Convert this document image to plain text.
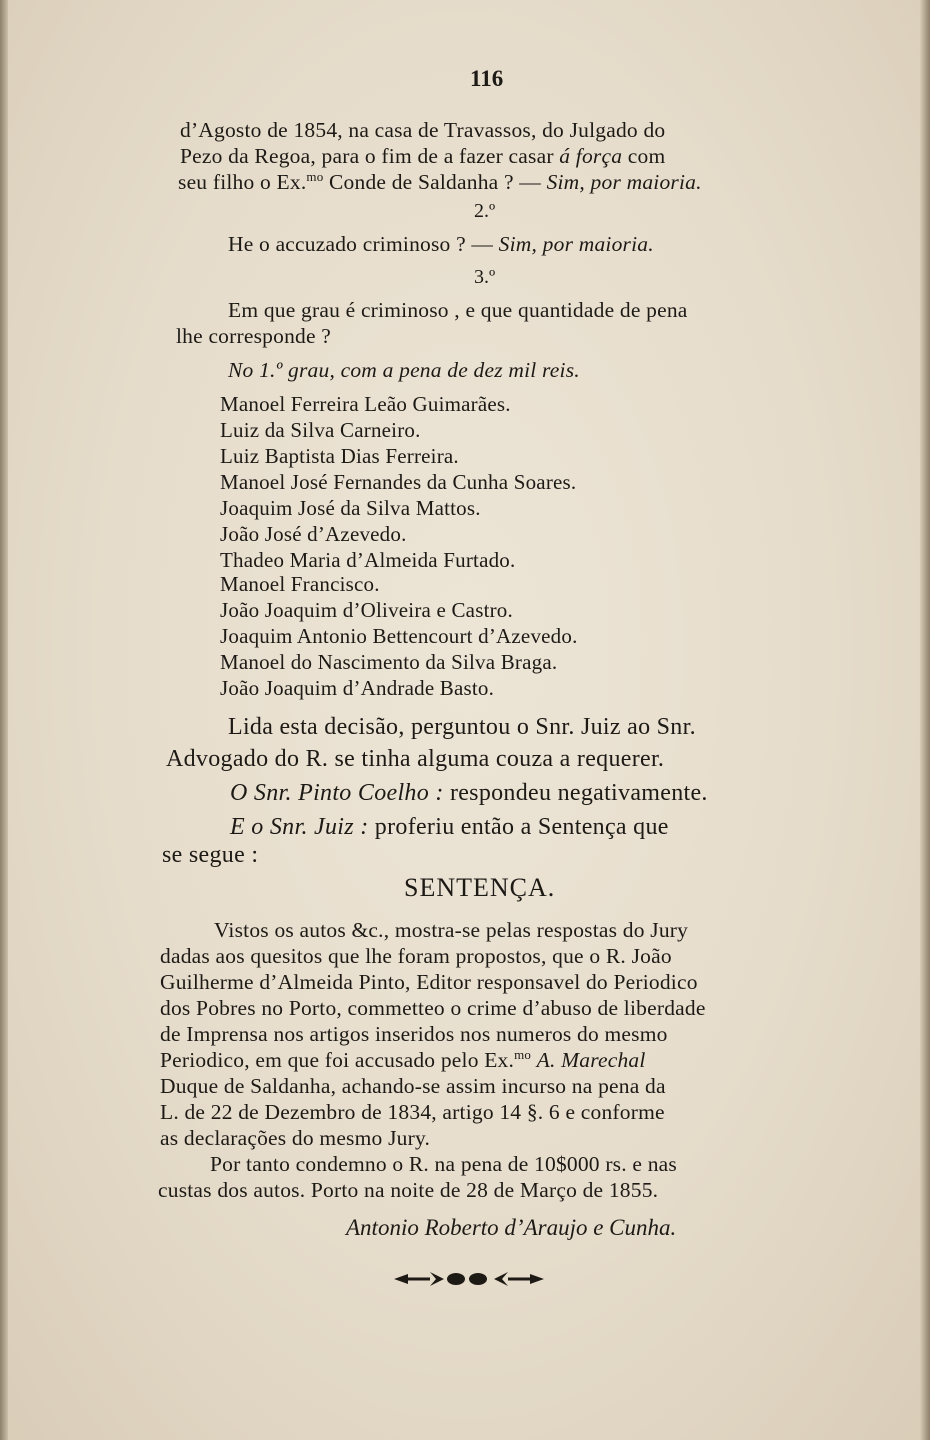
116
d’Agosto de 1854, na casa de Travassos, do Julgado do
Pezo da Regoa, para o fim de a fazer casar á força com
seu filho o Ex.$^{mo}$ Conde de Saldanha ? — Sim, por maioria.
2.º
He o accuzado criminoso ? — Sim, por maioria.
3.º
Em que grau é criminoso , e que quantidade de pena
lhe corresponde ?
No 1.º grau, com a pena de dez mil reis.
Manoel Ferreira Leão Guimarães.
Luiz da Silva Carneiro.
Luiz Baptista Dias Ferreira.
Manoel José Fernandes da Cunha Soares.
Joaquim José da Silva Mattos.
João José d’Azevedo.
Thadeo Maria d’Almeida Furtado.
Manoel Francisco.
João Joaquim d’Oliveira e Castro.
Joaquim Antonio Bettencourt d’Azevedo.
Manoel do Nascimento da Silva Braga.
João Joaquim d’Andrade Basto.
Lida esta decisão, perguntou o Snr. Juiz ao Snr.
Advogado do R. se tinha alguma couza a requerer.
O Snr. Pinto Coelho : respondeu negativamente.
E o Snr. Juiz : proferiu então a Sentença que
se segue :
SENTENÇA.
Vistos os autos &c., mostra-se pelas respostas do Jury
dadas aos quesitos que lhe foram propostos, que o R. João
Guilherme d’Almeida Pinto, Editor responsavel do Periodico
dos Pobres no Porto, commetteo o crime d’abuso de liberdade
de Imprensa nos artigos inseridos nos numeros do mesmo
Periodico, em que foi accusado pelo Ex.$^{mo}$ A. Marechal
Duque de Saldanha, achando-se assim incurso na pena da
L. de 22 de Dezembro de 1834, artigo 14 §. 6 e conforme
as declarações do mesmo Jury.
Por tanto condemno o R. na pena de 10$000 rs. e nas
custas dos autos. Porto na noite de 28 de Março de 1855.
Antonio Roberto d’Araujo e Cunha.
